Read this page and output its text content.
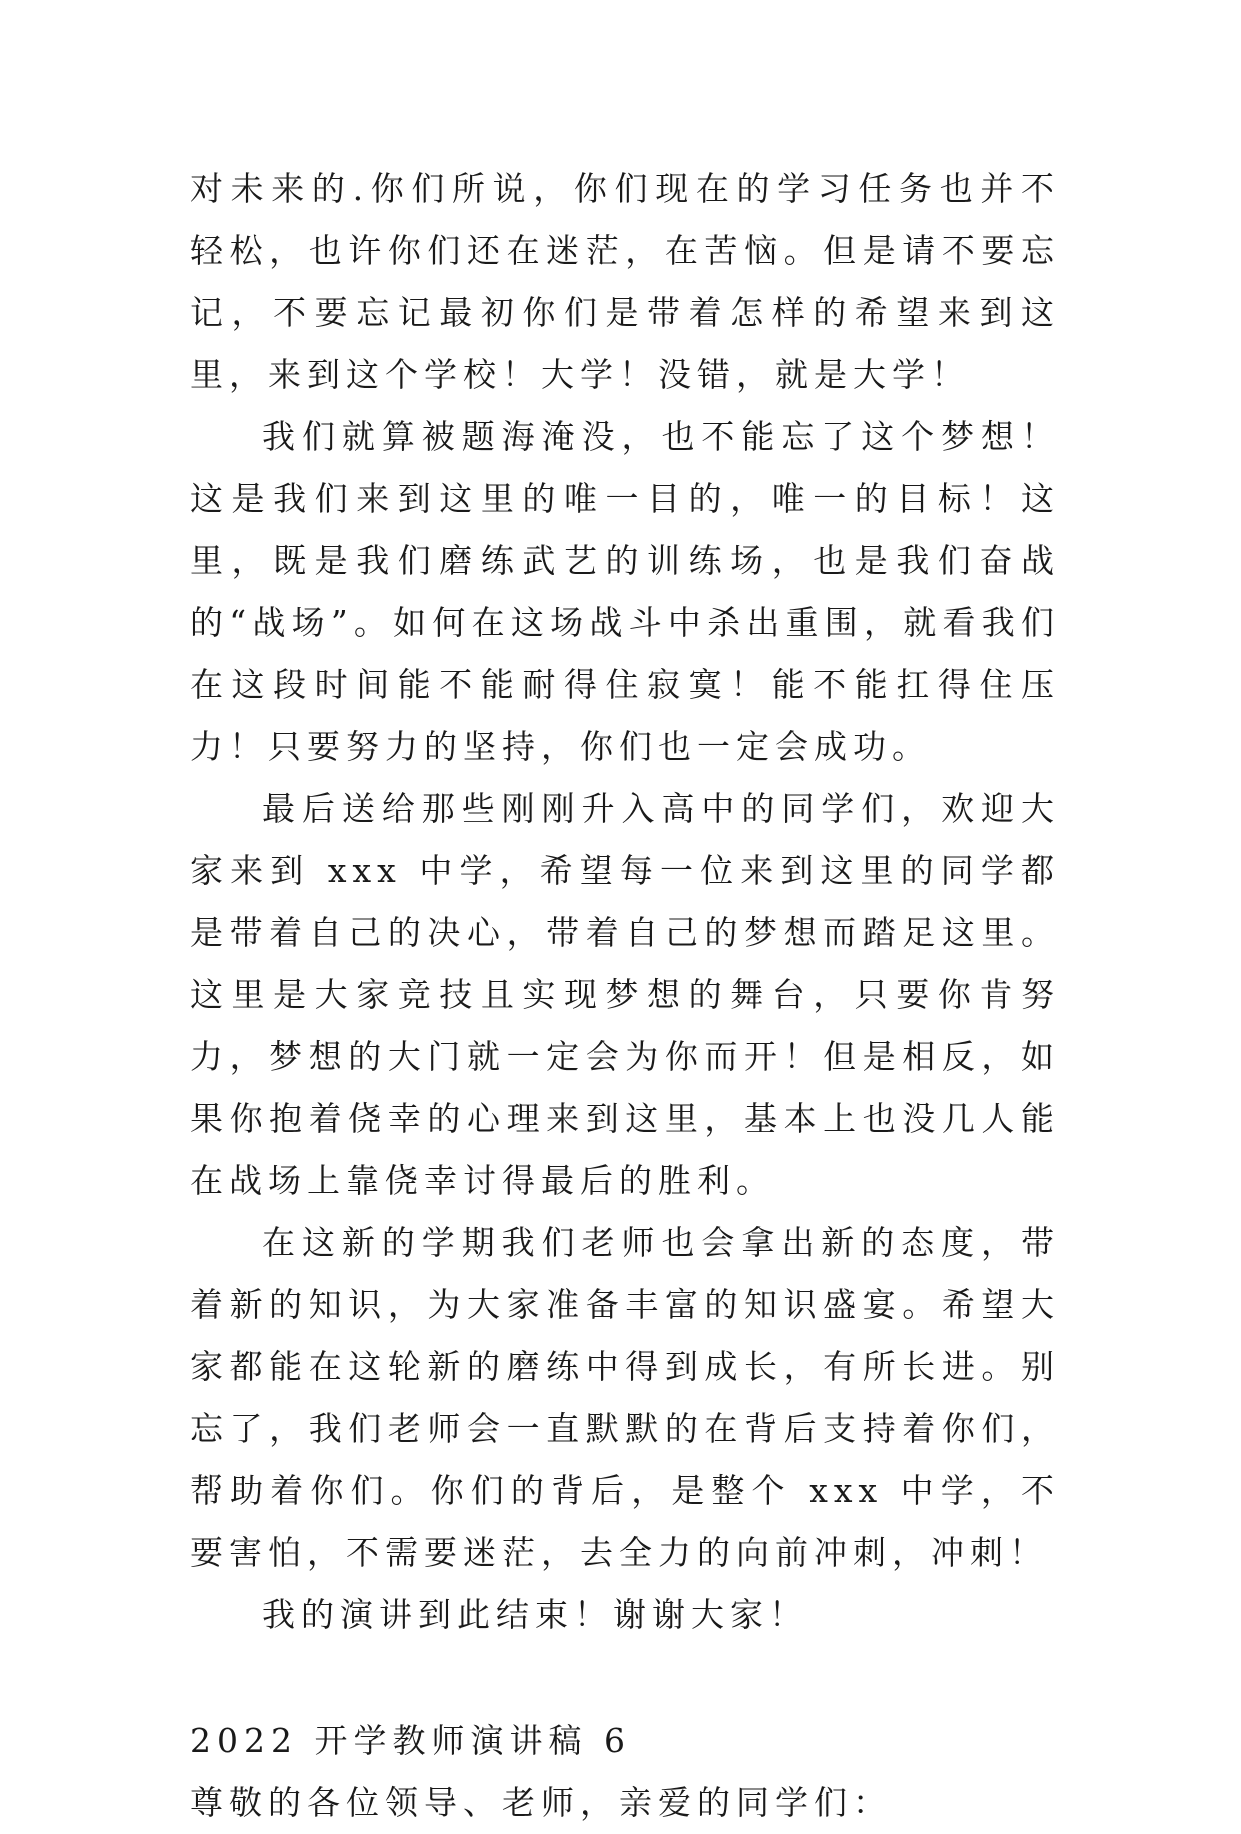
对未来的.你们所说，你们现在的学习任务也并不轻松，也许你们还在迷茫，在苦恼。但是请不要忘记，不要忘记最初你们是带着怎样的希望来到这里，来到这个学校！大学！没错，就是大学！

我们就算被题海淹没，也不能忘了这个梦想！这是我们来到这里的唯一目的，唯一的目标！这里，既是我们磨练武艺的训练场，也是我们奋战的“战场”。如何在这场战斗中杀出重围，就看我们在这段时间能不能耐得住寂寞！能不能扛得住压力！只要努力的坚持，你们也一定会成功。

最后送给那些刚刚升入高中的同学们，欢迎大家来到 xxx 中学，希望每一位来到这里的同学都是带着自己的决心，带着自己的梦想而踏足这里。这里是大家竞技且实现梦想的舞台，只要你肯努力，梦想的大门就一定会为你而开！但是相反，如果你抱着侥幸的心理来到这里，基本上也没几人能在战场上靠侥幸讨得最后的胜利。

在这新的学期我们老师也会拿出新的态度，带着新的知识，为大家准备丰富的知识盛宴。希望大家都能在这轮新的磨练中得到成长，有所长进。别忘了，我们老师会一直默默的在背后支持着你们，帮助着你们。你们的背后，是整个 xxx 中学，不要害怕，不需要迷茫，去全力的向前冲刺，冲刺！

我的演讲到此结束！谢谢大家！

2022 开学教师演讲稿 6
尊敬的各位领导、老师，亲爱的同学们：
